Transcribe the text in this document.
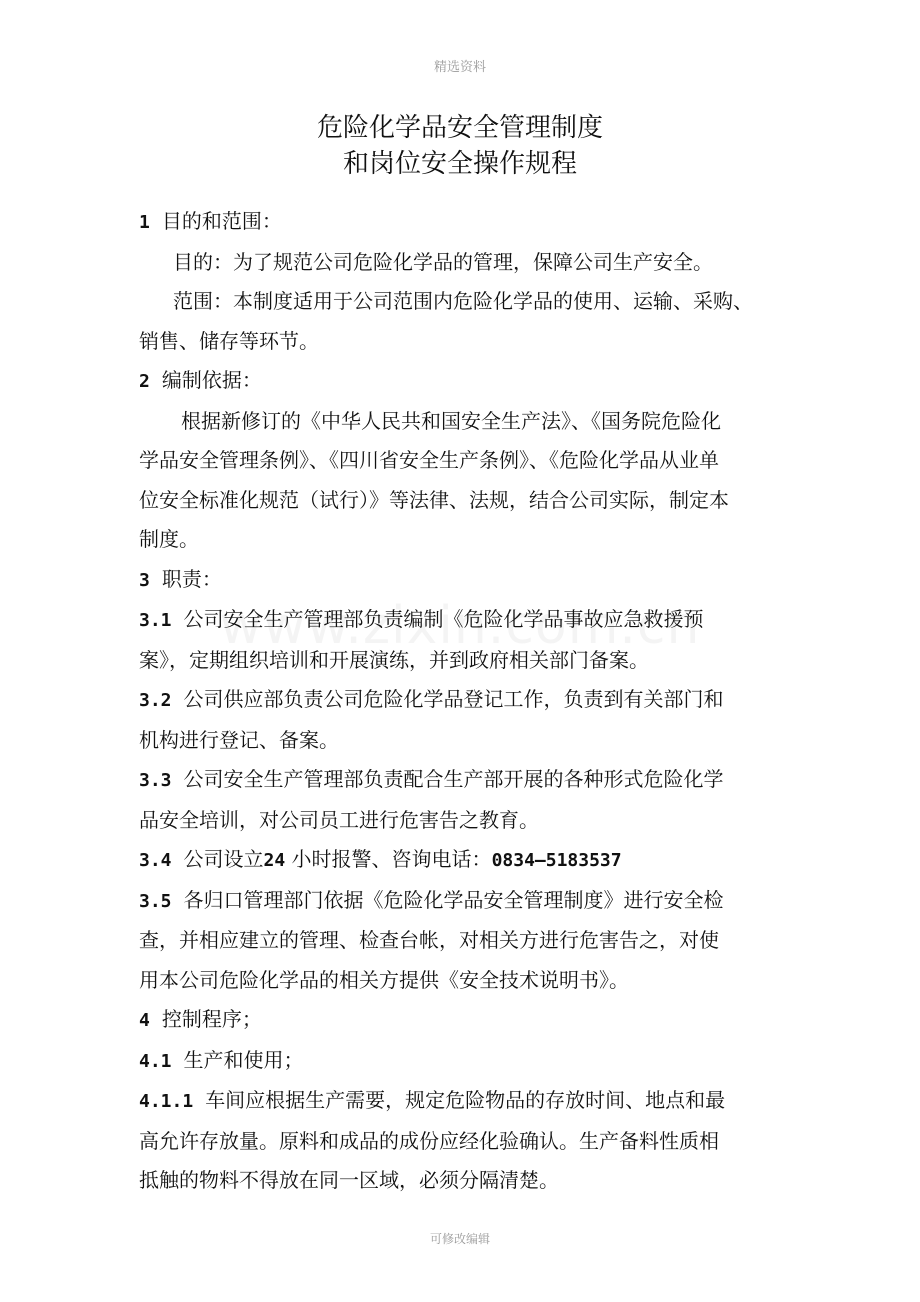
精选资料
危险化学品安全管理制度
和岗位安全操作规程

1 目的和范围：

目的：为了规范公司危险化学品的管理，保障公司生产安全。

范围：本制度适用于公司范围内危险化学品的使用、运输、采购、

销售、储存等环节。

2 编制依据：

根据新修订的《中华人民共和国安全生产法》、《国务院危险化

学品安全管理条例》、《四川省安全生产条例》、《危险化学品从业单

位安全标准化规范（试行）》等法律、法规，结合公司实际，制定本

制度。

3 职责：

3.1 公司安全生产管理部负责编制《危险化学品事故应急救援预

案》，定期组织培训和开展演练，并到政府相关部门备案。

3.2 公司供应部负责公司危险化学品登记工作，负责到有关部门和

机构进行登记、备案。

3.3 公司安全生产管理部负责配合生产部开展的各种形式危险化学

品安全培训，对公司员工进行危害告之教育。

3.4 公司设立24 小时报警、咨询电话：0834—5183537

3.5 各归口管理部门依据《危险化学品安全管理制度》进行安全检

查，并相应建立的管理、检查台帐，对相关方进行危害告之，对使

用本公司危险化学品的相关方提供《安全技术说明书》。

4 控制程序；

4.1 生产和使用；

4.1.1 车间应根据生产需要，规定危险物品的存放时间、地点和最

高允许存放量。原料和成品的成份应经化验确认。生产备料性质相

抵触的物料不得放在同一区域，必须分隔清楚。

可修改编辑
